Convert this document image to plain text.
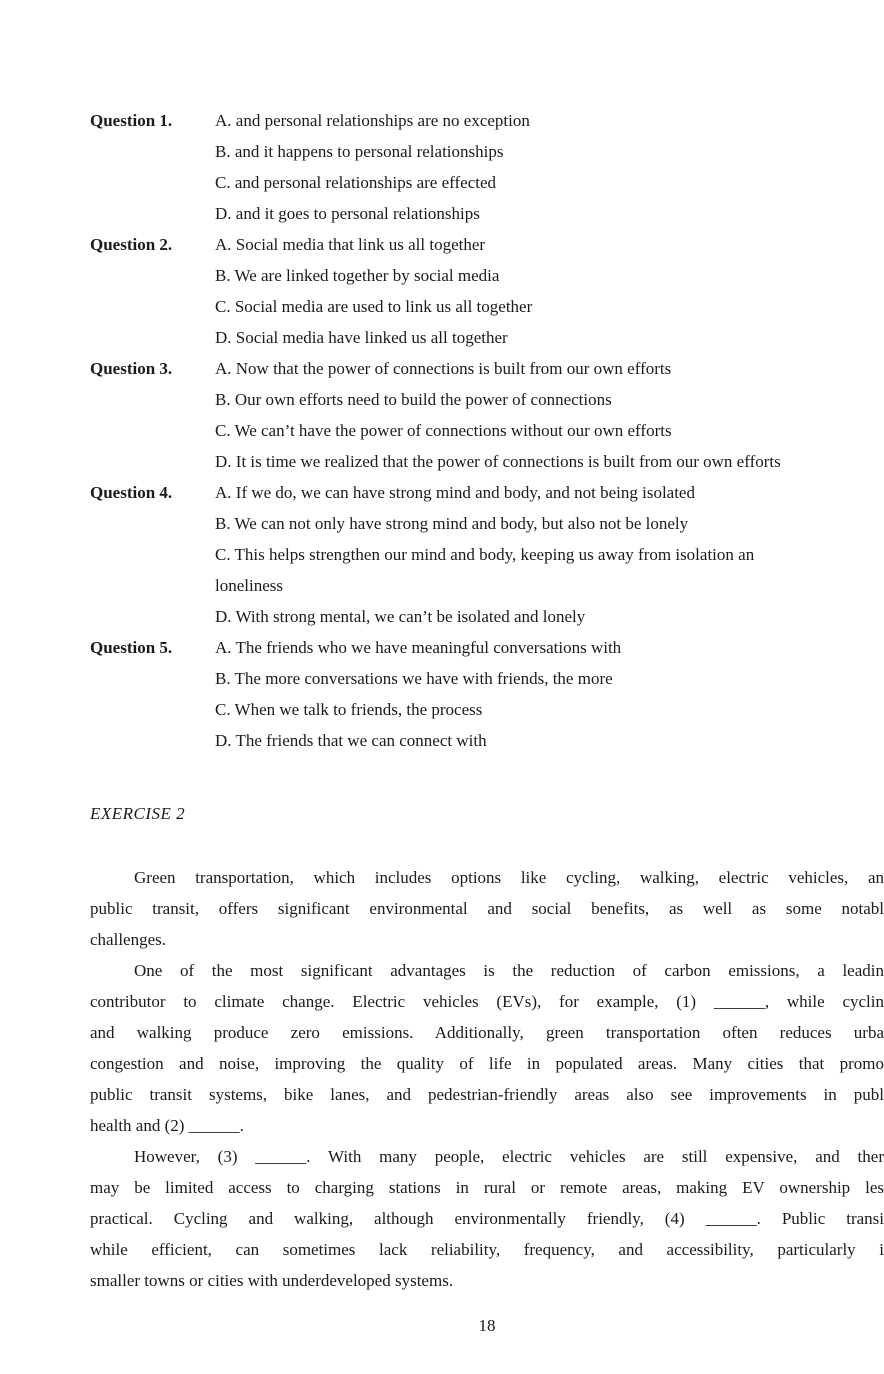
Question 1.	A. and personal relationships are no exception
B. and it happens to personal relationships
C. and personal relationships are effected
D. and it goes to personal relationships
Question 2.	A. Social media that link us all together
B. We are linked together by social media
C. Social media are used to link us all together
D. Social media have linked us all together
Question 3.	A. Now that the power of connections is built from our own efforts
B. Our own efforts need to build the power of connections
C. We can’t have the power of connections without our own efforts
D. It is time we realized that the power of connections is built from our own efforts
Question 4.	A. If we do, we can have strong mind and body, and not being isolated
B. We can not only have strong mind and body, but also not be lonely
C. This helps strengthen our mind and body, keeping us away from isolation an
loneliness
D. With strong mental, we can’t be isolated and lonely
Question 5.	A. The friends who we have meaningful conversations with
B. The more conversations we have with friends, the more
C. When we talk to friends, the process
D. The friends that we can connect with
EXERCISE 2

Green transportation, which includes options like cycling, walking, electric vehicles, an
public transit, offers significant environmental and social benefits, as well as some notabl
challenges.

One of the most significant advantages is the reduction of carbon emissions, a leadin
contributor to climate change. Electric vehicles (EVs), for example, (1) ______, while cyclin
and walking produce zero emissions. Additionally, green transportation often reduces urba
congestion and noise, improving the quality of life in populated areas. Many cities that promo
public transit systems, bike lanes, and pedestrian-friendly areas also see improvements in publ
health and (2) ______.

However, (3) ______. With many people, electric vehicles are still expensive, and ther
may be limited access to charging stations in rural or remote areas, making EV ownership les
practical. Cycling and walking, although environmentally friendly, (4) ______. Public transi
while efficient, can sometimes lack reliability, frequency, and accessibility, particularly i
smaller towns or cities with underdeveloped systems.

18
